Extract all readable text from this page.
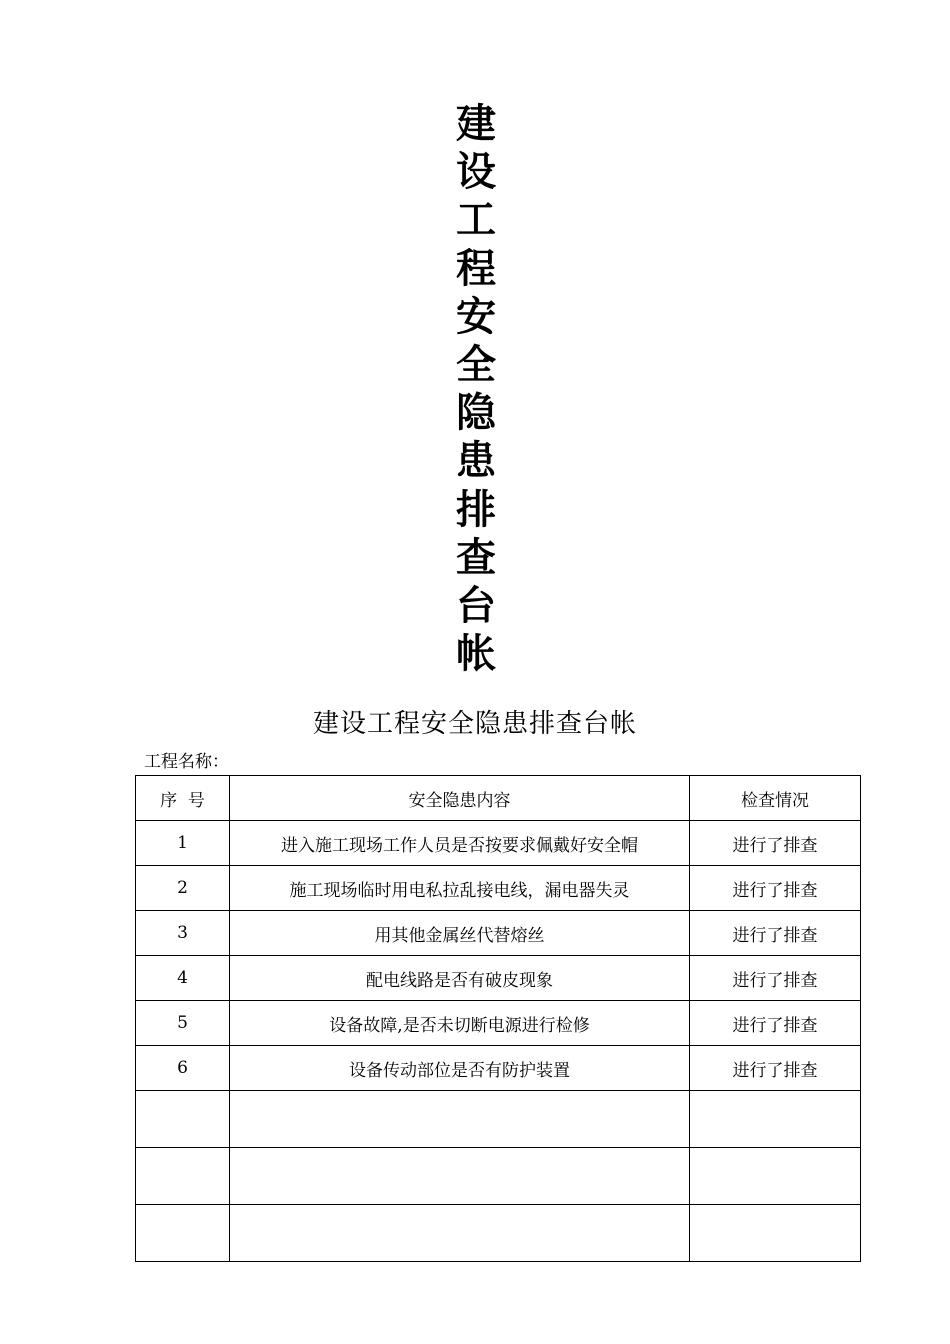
建
设
工
程
安
全
隐
患
排
查
台
帐
建设工程安全隐患排查台帐
工程名称：
序  号	安全隐患内容	检查情况
1	进入施工现场工作人员是否按要求佩戴好安全帽	进行了排查
2	施工现场临时用电私拉乱接电线，漏电器失灵	进行了排查
3	用其他金属丝代替熔丝	进行了排查
4	配电线路是否有破皮现象	进行了排查
5	设备故障,是否未切断电源进行检修	进行了排查
6	设备传动部位是否有防护装置	进行了排查
